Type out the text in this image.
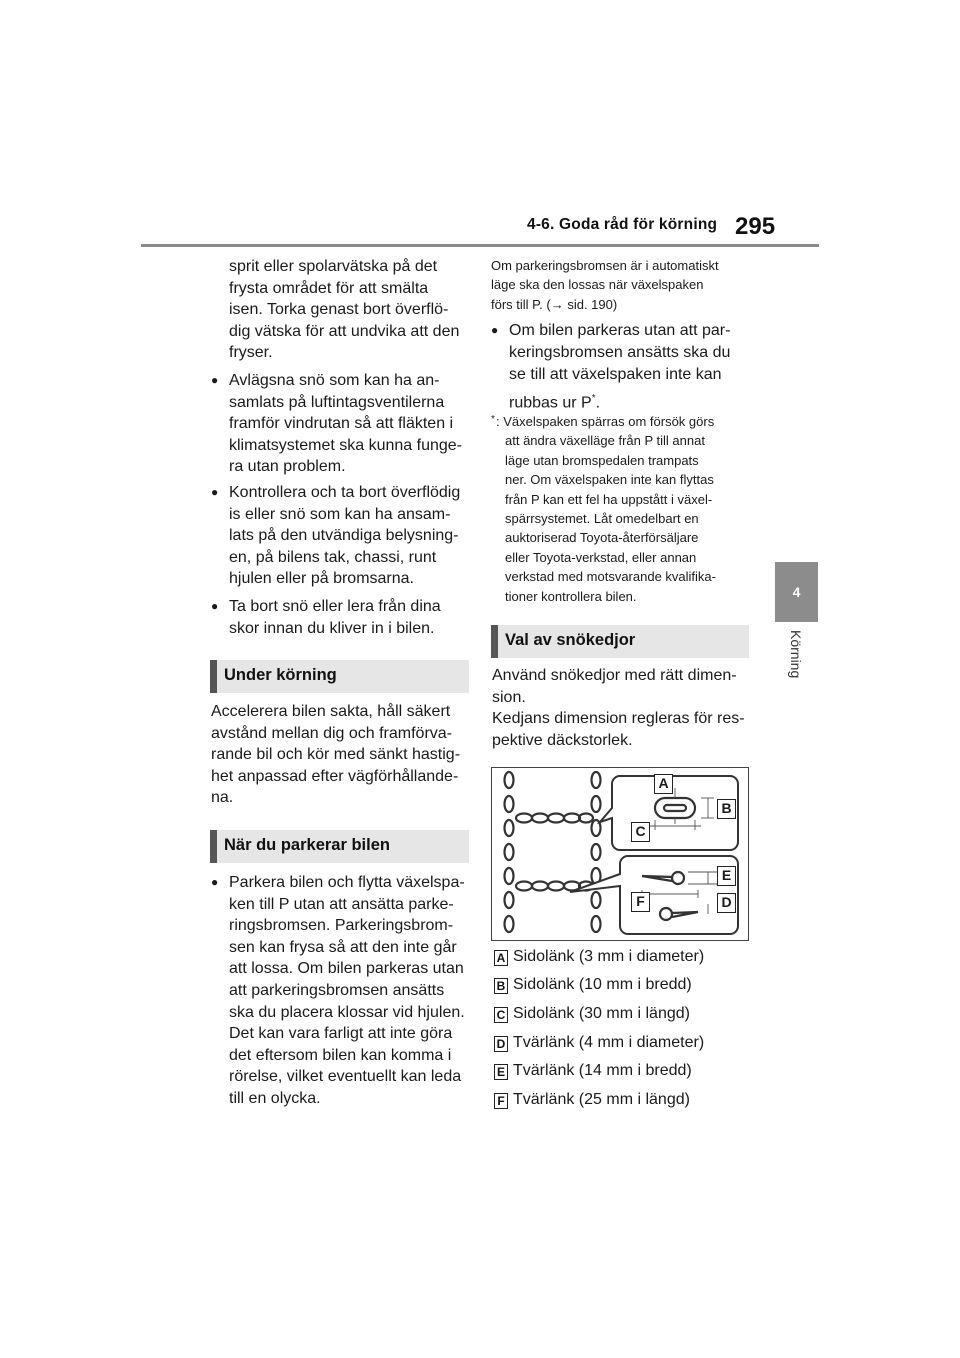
4-6. Goda råd för körning 295
4
Körning
sprit eller spolarvätska på det
frysta området för att smälta
isen. Torka genast bort överflö-
dig vätska för att undvika att den
fryser.
● Avlägsna snö som kan ha an-
samlats på luftintagsventilerna
framför vindrutan så att fläkten i
klimatsystemet ska kunna funge-
ra utan problem.
● Kontrollera och ta bort överflödig
is eller snö som kan ha ansam-
lats på den utvändiga belysning-
en, på bilens tak, chassi, runt
hjulen eller på bromsarna.
● Ta bort snö eller lera från dina
skor innan du kliver in i bilen.
Under körning
Accelerera bilen sakta, håll säkert
avstånd mellan dig och framförva-
rande bil och kör med sänkt hastig-
het anpassad efter vägförhållande-
na.
När du parkerar bilen
● Parkera bilen och flytta växelspa-
ken till P utan att ansätta parke-
ringsbromsen. Parkeringsbrom-
sen kan frysa så att den inte går
att lossa. Om bilen parkeras utan
att parkeringsbromsen ansätts
ska du placera klossar vid hjulen.
Det kan vara farligt att inte göra
det eftersom bilen kan komma i
rörelse, vilket eventuellt kan leda
till en olycka.
Om parkeringsbromsen är i automatiskt
läge ska den lossas när växelspaken
förs till P. (→ sid. 190)
● Om bilen parkeras utan att par-
keringsbromsen ansätts ska du
se till att växelspaken inte kan
rubbas ur P*.
* : Växelspaken spärras om försök görs
att ändra växelläge från P till annat
läge utan bromspedalen trampats
ner. Om växelspaken inte kan flyttas
från P kan ett fel ha uppstått i växel-
spärrsystemet. Låt omedelbart en
auktoriserad Toyota-återförsäljare
eller Toyota-verkstad, eller annan
verkstad med motsvarande kvalifika-
tioner kontrollera bilen.
Val av snökedjor
Använd snökedjor med rätt dimen-
sion.
Kedjans dimension regleras för res-
pektive däckstorlek.
A
B
C
D
E
F
A Sidolänk (3 mm i diameter)
B Sidolänk (10 mm i bredd)
C Sidolänk (30 mm i längd)
D Tvärlänk (4 mm i diameter)
E Tvärlänk (14 mm i bredd)
F Tvärlänk (25 mm i längd)
